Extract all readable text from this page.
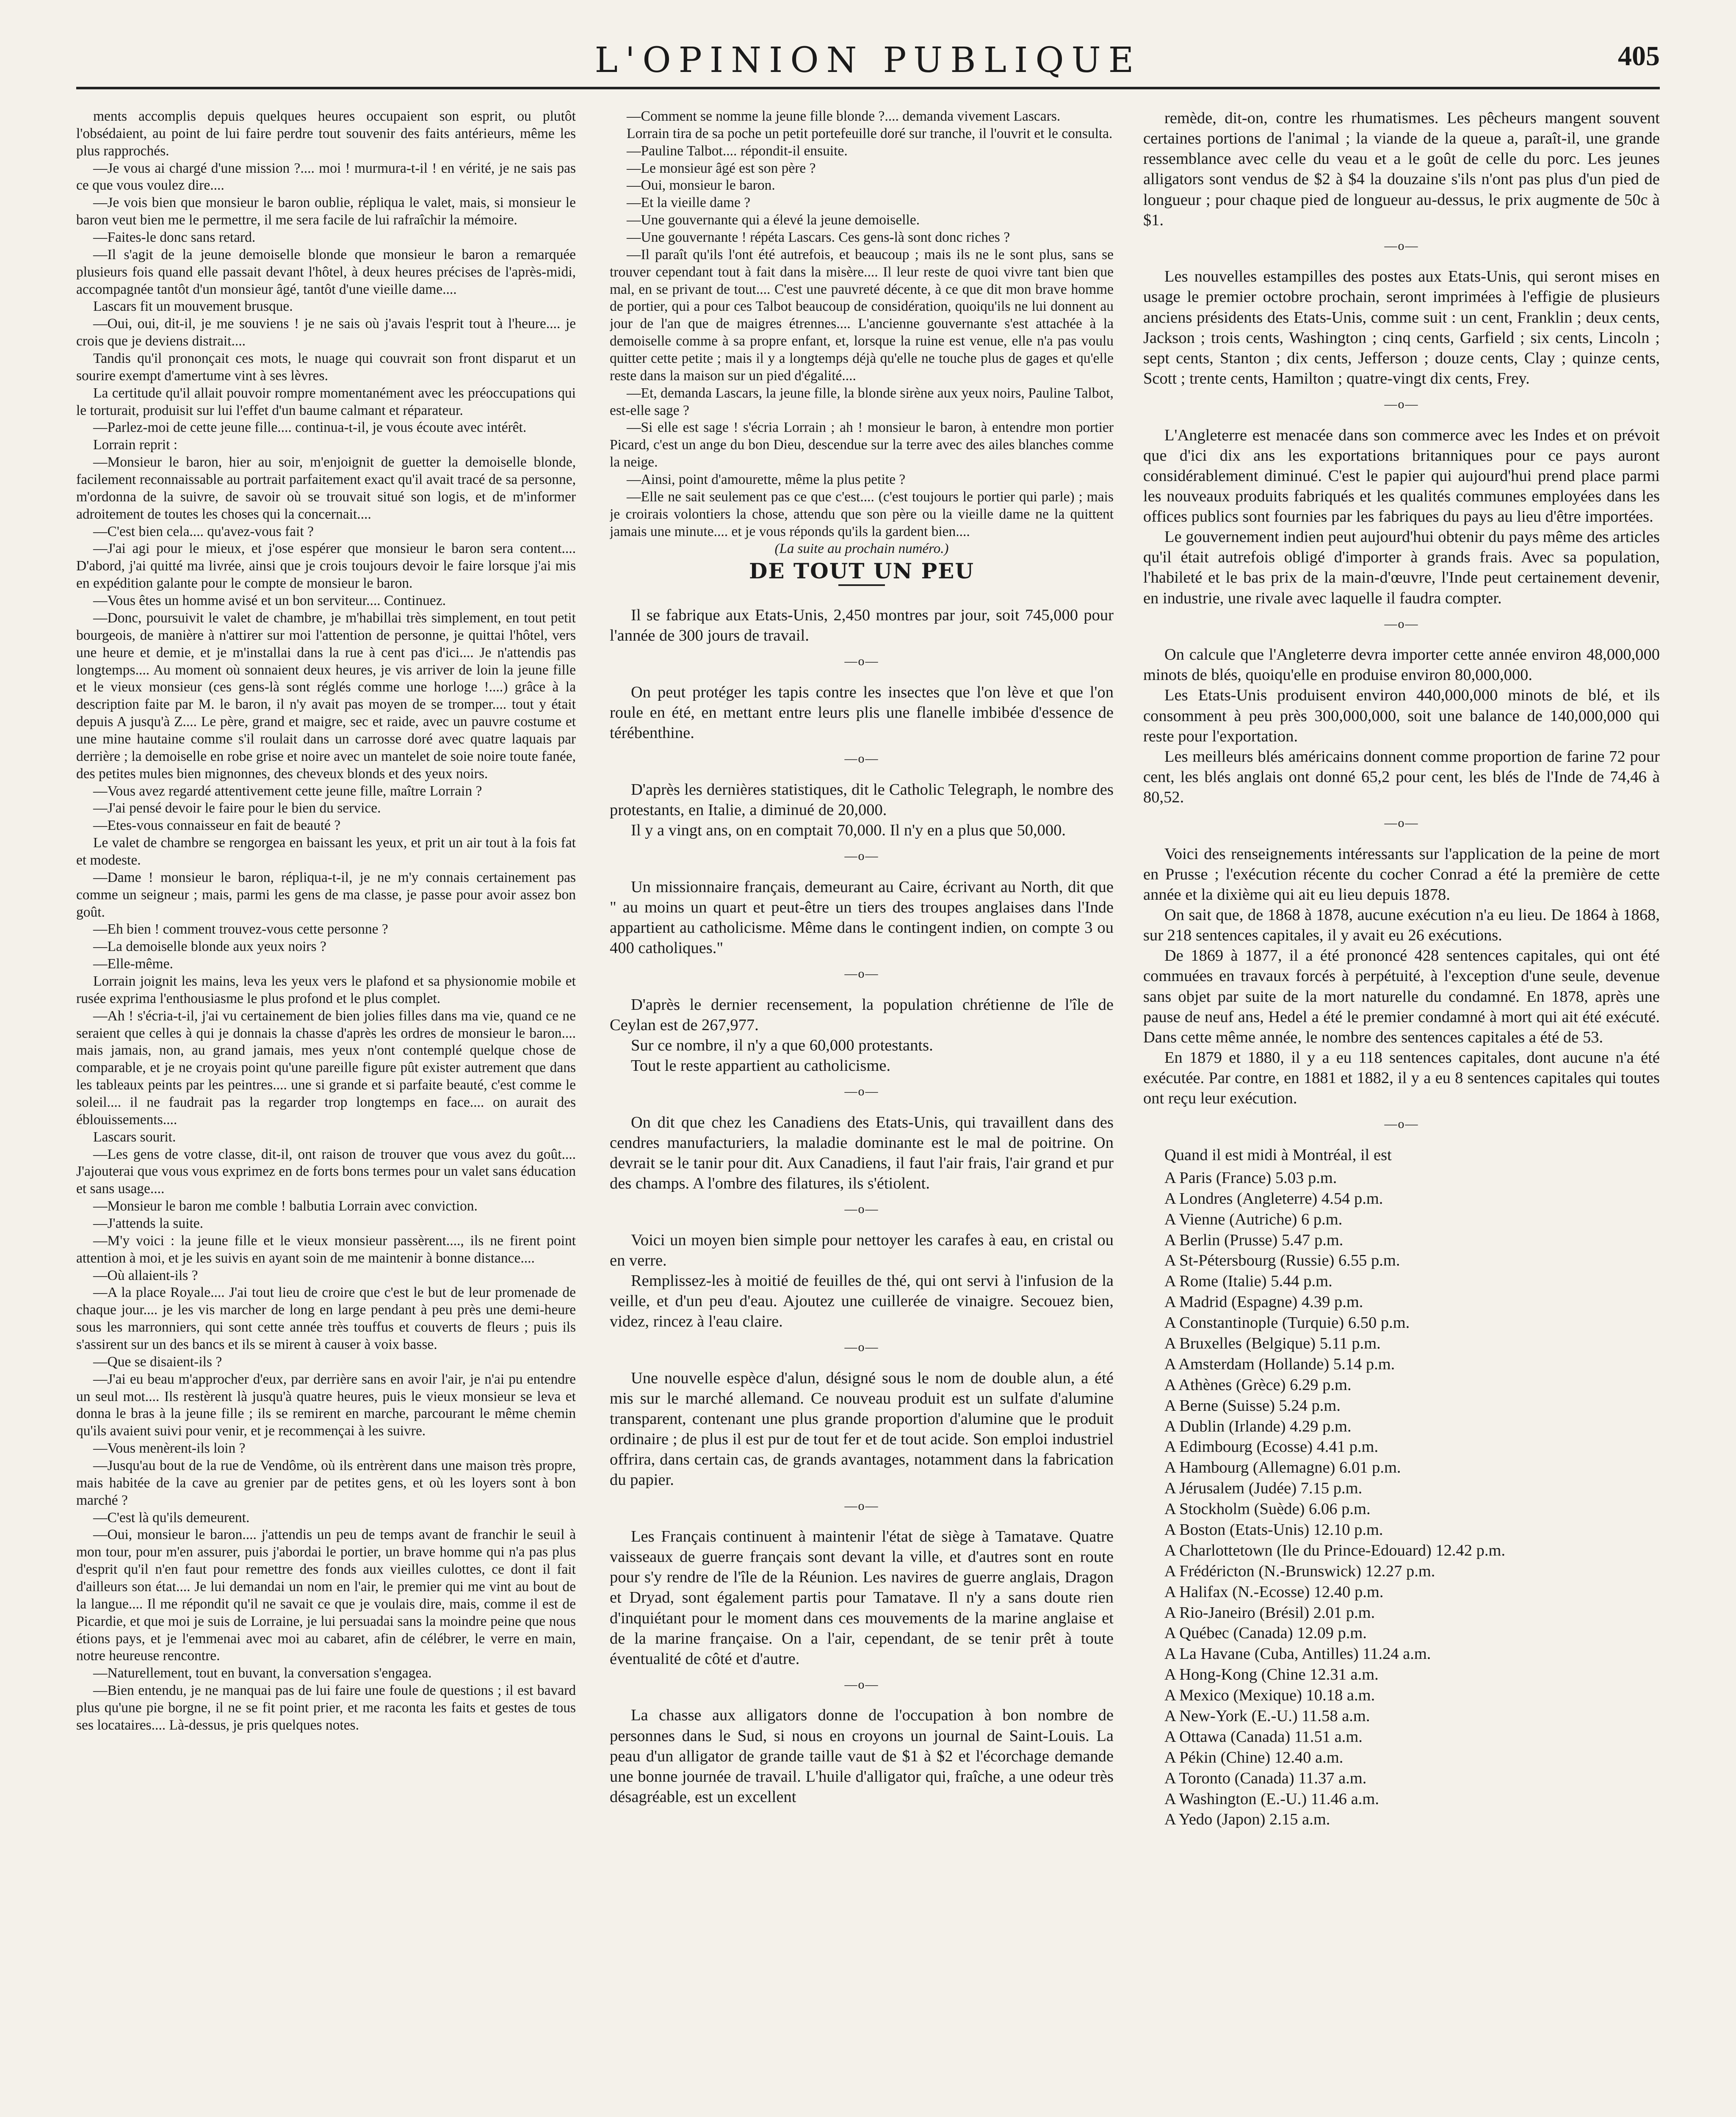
L'OPINION PUBLIQUE	405

ments accomplis depuis quelques heures occupaient son esprit, ou plutôt l'obsédaient, au point de lui faire perdre tout souvenir des faits antérieurs, même les plus rapprochés.

—Je vous ai chargé d'une mission ?.... moi ! murmura-t-il ! en vérité, je ne sais pas ce que vous voulez dire....

—Je vois bien que monsieur le baron oublie, répliqua le valet, mais, si monsieur le baron veut bien me le permettre, il me sera facile de lui rafraîchir la mémoire.

—Faites-le donc sans retard.

—Il s'agit de la jeune demoiselle blonde que monsieur le baron a remarquée plusieurs fois quand elle passait devant l'hôtel, à deux heures précises de l'après-midi, accompagnée tantôt d'un monsieur âgé, tantôt d'une vieille dame....

Lascars fit un mouvement brusque.

—Oui, oui, dit-il, je me souviens ! je ne sais où j'avais l'esprit tout à l'heure.... je crois que je deviens distrait....

Tandis qu'il prononçait ces mots, le nuage qui couvrait son front disparut et un sourire exempt d'amertume vint à ses lèvres.

La certitude qu'il allait pouvoir rompre momentanément avec les préoccupations qui le torturait, produisit sur lui l'effet d'un baume calmant et réparateur.

—Parlez-moi de cette jeune fille.... continua-t-il, je vous écoute avec intérêt.

Lorrain reprit :

—Monsieur le baron, hier au soir, m'enjoignit de guetter la demoiselle blonde, facilement reconnaissable au portrait parfaitement exact qu'il avait tracé de sa personne, m'ordonna de la suivre, de savoir où se trouvait situé son logis, et de m'informer adroitement de toutes les choses qui la concernait....

—C'est bien cela.... qu'avez-vous fait ?

—J'ai agi pour le mieux, et j'ose espérer que monsieur le baron sera content.... D'abord, j'ai quitté ma livrée, ainsi que je crois toujours devoir le faire lorsque j'ai mis en expédition galante pour le compte de monsieur le baron.

—Vous êtes un homme avisé et un bon serviteur.... Continuez.

—Donc, poursuivit le valet de chambre, je m'habillai très simplement, en tout petit bourgeois, de manière à n'attirer sur moi l'attention de personne, je quittai l'hôtel, vers une heure et demie, et je m'installai dans la rue à cent pas d'ici.... Je n'attendis pas longtemps.... Au moment où sonnaient deux heures, je vis arriver de loin la jeune fille et le vieux monsieur (ces gens-là sont réglés comme une horloge !....) grâce à la description faite par M. le baron, il n'y avait pas moyen de se tromper.... tout y était depuis A jusqu'à Z.... Le père, grand et maigre, sec et raide, avec un pauvre costume et une mine hautaine comme s'il roulait dans un carrosse doré avec quatre laquais par derrière ; la demoiselle en robe grise et noire avec un mantelet de soie noire toute fanée, des petites mules bien mignonnes, des cheveux blonds et des yeux noirs.

—Vous avez regardé attentivement cette jeune fille, maître Lorrain ?

—J'ai pensé devoir le faire pour le bien du service.

—Etes-vous connaisseur en fait de beauté ?

Le valet de chambre se rengorgea en baissant les yeux, et prit un air tout à la fois fat et modeste.

—Dame ! monsieur le baron, répliqua-t-il, je ne m'y connais certainement pas comme un seigneur ; mais, parmi les gens de ma classe, je passe pour avoir assez bon goût.

—Eh bien ! comment trouvez-vous cette personne ?

—La demoiselle blonde aux yeux noirs ?

—Elle-même.

Lorrain joignit les mains, leva les yeux vers le plafond et sa physionomie mobile et rusée exprima l'enthousiasme le plus profond et le plus complet.

—Ah ! s'écria-t-il, j'ai vu certainement de bien jolies filles dans ma vie, quand ce ne seraient que celles à qui je donnais la chasse d'après les ordres de monsieur le baron.... mais jamais, non, au grand jamais, mes yeux n'ont contemplé quelque chose de comparable, et je ne croyais point qu'une pareille figure pût exister autrement que dans les tableaux peints par les peintres.... une si grande et si parfaite beauté, c'est comme le soleil.... il ne faudrait pas la regarder trop longtemps en face.... on aurait des éblouissements....

Lascars sourit.

—Les gens de votre classe, dit-il, ont raison de trouver que vous avez du goût.... J'ajouterai que vous vous exprimez en de forts bons termes pour un valet sans éducation et sans usage....

—Monsieur le baron me comble ! balbutia Lorrain avec conviction.

—J'attends la suite.

—M'y voici : la jeune fille et le vieux monsieur passèrent...., ils ne firent point attention à moi, et je les suivis en ayant soin de me maintenir à bonne distance....

—Où allaient-ils ?

—A la place Royale.... J'ai tout lieu de croire que c'est le but de leur promenade de chaque jour.... je les vis marcher de long en large pendant à peu près une demi-heure sous les marronniers, qui sont cette année très touffus et couverts de fleurs ; puis ils s'assirent sur un des bancs et ils se mirent à causer à voix basse.

—Que se disaient-ils ?

—J'ai eu beau m'approcher d'eux, par derrière sans en avoir l'air, je n'ai pu entendre un seul mot.... Ils restèrent là jusqu'à quatre heures, puis le vieux monsieur se leva et donna le bras à la jeune fille ; ils se remirent en marche, parcourant le même chemin qu'ils avaient suivi pour venir, et je recommençai à les suivre.

—Vous menèrent-ils loin ?

—Jusqu'au bout de la rue de Vendôme, où ils entrèrent dans une maison très propre, mais habitée de la cave au grenier par de petites gens, et où les loyers sont à bon marché ?

—C'est là qu'ils demeurent.

—Oui, monsieur le baron.... j'attendis un peu de temps avant de franchir le seuil à mon tour, pour m'en assurer, puis j'abordai le portier, un brave homme qui n'a pas plus d'esprit qu'il n'en faut pour remettre des fonds aux vieilles culottes, ce dont il fait d'ailleurs son état.... Je lui demandai un nom en l'air, le premier qui me vint au bout de la langue.... Il me répondit qu'il ne savait ce que je voulais dire, mais, comme il est de Picardie, et que moi je suis de Lorraine, je lui persuadai sans la moindre peine que nous étions pays, et je l'emmenai avec moi au cabaret, afin de célébrer, le verre en main, notre heureuse rencontre.

—Naturellement, tout en buvant, la conversation s'engagea.

—Bien entendu, je ne manquai pas de lui faire une foule de questions ; il est bavard plus qu'une pie borgne, il ne se fit point prier, et me raconta les faits et gestes de tous ses locataires.... Là-dessus, je pris quelques notes.

—Comment se nomme la jeune fille blonde ?.... demanda vivement Lascars.

Lorrain tira de sa poche un petit portefeuille doré sur tranche, il l'ouvrit et le consulta.

—Pauline Talbot.... répondit-il ensuite.

—Le monsieur âgé est son père ?

—Oui, monsieur le baron.

—Et la vieille dame ?

—Une gouvernante qui a élevé la jeune demoiselle.

—Une gouvernante ! répéta Lascars. Ces gens-là sont donc riches ?

—Il paraît qu'ils l'ont été autrefois, et beaucoup ; mais ils ne le sont plus, sans se trouver cependant tout à fait dans la misère.... Il leur reste de quoi vivre tant bien que mal, en se privant de tout.... C'est une pauvreté décente, à ce que dit mon brave homme de portier, qui a pour ces Talbot beaucoup de considération, quoiqu'ils ne lui donnent au jour de l'an que de maigres étrennes.... L'ancienne gouvernante s'est attachée à la demoiselle comme à sa propre enfant, et, lorsque la ruine est venue, elle n'a pas voulu quitter cette petite ; mais il y a longtemps déjà qu'elle ne touche plus de gages et qu'elle reste dans la maison sur un pied d'égalité....

—Et, demanda Lascars, la jeune fille, la blonde sirène aux yeux noirs, Pauline Talbot, est-elle sage ?

—Si elle est sage ! s'écria Lorrain ; ah ! monsieur le baron, à entendre mon portier Picard, c'est un ange du bon Dieu, descendue sur la terre avec des ailes blanches comme la neige.

—Ainsi, point d'amourette, même la plus petite ?

—Elle ne sait seulement pas ce que c'est.... (c'est toujours le portier qui parle) ; mais je croirais volontiers la chose, attendu que son père ou la vieille dame ne la quittent jamais une minute.... et je vous réponds qu'ils la gardent bien....

(La suite au prochain numéro.)

DE TOUT UN PEU

Il se fabrique aux Etats-Unis, 2,450 montres par jour, soit 745,000 pour l'année de 300 jours de travail.

—o—

On peut protéger les tapis contre les insectes que l'on lève et que l'on roule en été, en mettant entre leurs plis une flanelle imbibée d'essence de térébenthine.

—o—

D'après les dernières statistiques, dit le Catholic Telegraph, le nombre des protestants, en Italie, a diminué de 20,000.

Il y a vingt ans, on en comptait 70,000. Il n'y en a plus que 50,000.

—o—

Un missionnaire français, demeurant au Caire, écrivant au North, dit que " au moins un quart et peut-être un tiers des troupes anglaises dans l'Inde appartient au catholicisme. Même dans le contingent indien, on compte 3 ou 400 catholiques."

—o—

D'après le dernier recensement, la population chrétienne de l'île de Ceylan est de 267,977.

Sur ce nombre, il n'y a que 60,000 protestants.

Tout le reste appartient au catholicisme.

—o—

On dit que chez les Canadiens des Etats-Unis, qui travaillent dans des cendres manufacturiers, la maladie dominante est le mal de poitrine. On devrait se le tanir pour dit. Aux Canadiens, il faut l'air frais, l'air grand et pur des champs. A l'ombre des filatures, ils s'étiolent.

—o—

Voici un moyen bien simple pour nettoyer les carafes à eau, en cristal ou en verre.

Remplissez-les à moitié de feuilles de thé, qui ont servi à l'infusion de la veille, et d'un peu d'eau. Ajoutez une cuillerée de vinaigre. Secouez bien, videz, rincez à l'eau claire.

—o—

Une nouvelle espèce d'alun, désigné sous le nom de double alun, a été mis sur le marché allemand. Ce nouveau produit est un sulfate d'alumine transparent, contenant une plus grande proportion d'alumine que le produit ordinaire ; de plus il est pur de tout fer et de tout acide. Son emploi industriel offrira, dans certain cas, de grands avantages, notamment dans la fabrication du papier.

—o—

Les Français continuent à maintenir l'état de siège à Tamatave. Quatre vaisseaux de guerre français sont devant la ville, et d'autres sont en route pour s'y rendre de l'île de la Réunion. Les navires de guerre anglais, Dragon et Dryad, sont également partis pour Tamatave. Il n'y a sans doute rien d'inquiétant pour le moment dans ces mouvements de la marine anglaise et de la marine française. On a l'air, cependant, de se tenir prêt à toute éventualité de côté et d'autre.

—o—

La chasse aux alligators donne de l'occupation à bon nombre de personnes dans le Sud, si nous en croyons un journal de Saint-Louis. La peau d'un alligator de grande taille vaut de $1 à $2 et l'écorchage demande une bonne journée de travail. L'huile d'alligator qui, fraîche, a une odeur très désagréable, est un excellent

remède, dit-on, contre les rhumatismes. Les pêcheurs mangent souvent certaines portions de l'animal ; la viande de la queue a, paraît-il, une grande ressemblance avec celle du veau et a le goût de celle du porc. Les jeunes alligators sont vendus de $2 à $4 la douzaine s'ils n'ont pas plus d'un pied de longueur ; pour chaque pied de longueur au-dessus, le prix augmente de 50c à $1.

—o—

Les nouvelles estampilles des postes aux Etats-Unis, qui seront mises en usage le premier octobre prochain, seront imprimées à l'effigie de plusieurs anciens présidents des Etats-Unis, comme suit : un cent, Franklin ; deux cents, Jackson ; trois cents, Washington ; cinq cents, Garfield ; six cents, Lincoln ; sept cents, Stanton ; dix cents, Jefferson ; douze cents, Clay ; quinze cents, Scott ; trente cents, Hamilton ; quatre-vingt dix cents, Frey.

—o—

L'Angleterre est menacée dans son commerce avec les Indes et on prévoit que d'ici dix ans les exportations britanniques pour ce pays auront considérablement diminué. C'est le papier qui aujourd'hui prend place parmi les nouveaux produits fabriqués et les qualités communes employées dans les offices publics sont fournies par les fabriques du pays au lieu d'être importées.

Le gouvernement indien peut aujourd'hui obtenir du pays même des articles qu'il était autrefois obligé d'importer à grands frais. Avec sa population, l'habileté et le bas prix de la main-d'œuvre, l'Inde peut certainement devenir, en industrie, une rivale avec laquelle il faudra compter.

—o—

On calcule que l'Angleterre devra importer cette année environ 48,000,000 minots de blés, quoiqu'elle en produise environ 80,000,000.

Les Etats-Unis produisent environ 440,000,000 minots de blé, et ils consomment à peu près 300,000,000, soit une balance de 140,000,000 qui reste pour l'exportation.

Les meilleurs blés américains donnent comme proportion de farine 72 pour cent, les blés anglais ont donné 65,2 pour cent, les blés de l'Inde de 74,46 à 80,52.

—o—

Voici des renseignements intéressants sur l'application de la peine de mort en Prusse ; l'exécution récente du cocher Conrad a été la première de cette année et la dixième qui ait eu lieu depuis 1878.

On sait que, de 1868 à 1878, aucune exécution n'a eu lieu. De 1864 à 1868, sur 218 sentences capitales, il y avait eu 26 exécutions.

De 1869 à 1877, il a été prononcé 428 sentences capitales, qui ont été commuées en travaux forcés à perpétuité, à l'exception d'une seule, devenue sans objet par suite de la mort naturelle du condamné. En 1878, après une pause de neuf ans, Hedel a été le premier condamné à mort qui ait été exécuté. Dans cette même année, le nombre des sentences capitales a été de 53.

En 1879 et 1880, il y a eu 118 sentences capitales, dont aucune n'a été exécutée. Par contre, en 1881 et 1882, il y a eu 8 sentences capitales qui toutes ont reçu leur exécution.

—o—

Quand il est midi à Montréal, il est

A Paris (France) 5.03 p.m.
A Londres (Angleterre) 4.54 p.m.
A Vienne (Autriche) 6 p.m.
A Berlin (Prusse) 5.47 p.m.
A St-Pétersbourg (Russie) 6.55 p.m.
A Rome (Italie) 5.44 p.m.
A Madrid (Espagne) 4.39 p.m.
A Constantinople (Turquie) 6.50 p.m.
A Bruxelles (Belgique) 5.11 p.m.
A Amsterdam (Hollande) 5.14 p.m.
A Athènes (Grèce) 6.29 p.m.
A Berne (Suisse) 5.24 p.m.
A Dublin (Irlande) 4.29 p.m.
A Edimbourg (Ecosse) 4.41 p.m.
A Hambourg (Allemagne) 6.01 p.m.
A Jérusalem (Judée) 7.15 p.m.
A Stockholm (Suède) 6.06 p.m.
A Boston (Etats-Unis) 12.10 p.m.
A Charlottetown (Ile du Prince-Edouard) 12.42 p.m.
A Frédéricton (N.-Brunswick) 12.27 p.m.
A Halifax (N.-Ecosse) 12.40 p.m.
A Rio-Janeiro (Brésil) 2.01 p.m.
A Québec (Canada) 12.09 p.m.
A La Havane (Cuba, Antilles) 11.24 a.m.
A Hong-Kong (Chine 12.31 a.m.
A Mexico (Mexique) 10.18 a.m.
A New-York (E.-U.) 11.58 a.m.
A Ottawa (Canada) 11.51 a.m.
A Pékin (Chine) 12.40 a.m.
A Toronto (Canada) 11.37 a.m.
A Washington (E.-U.) 11.46 a.m.
A Yedo (Japon) 2.15 a.m.
